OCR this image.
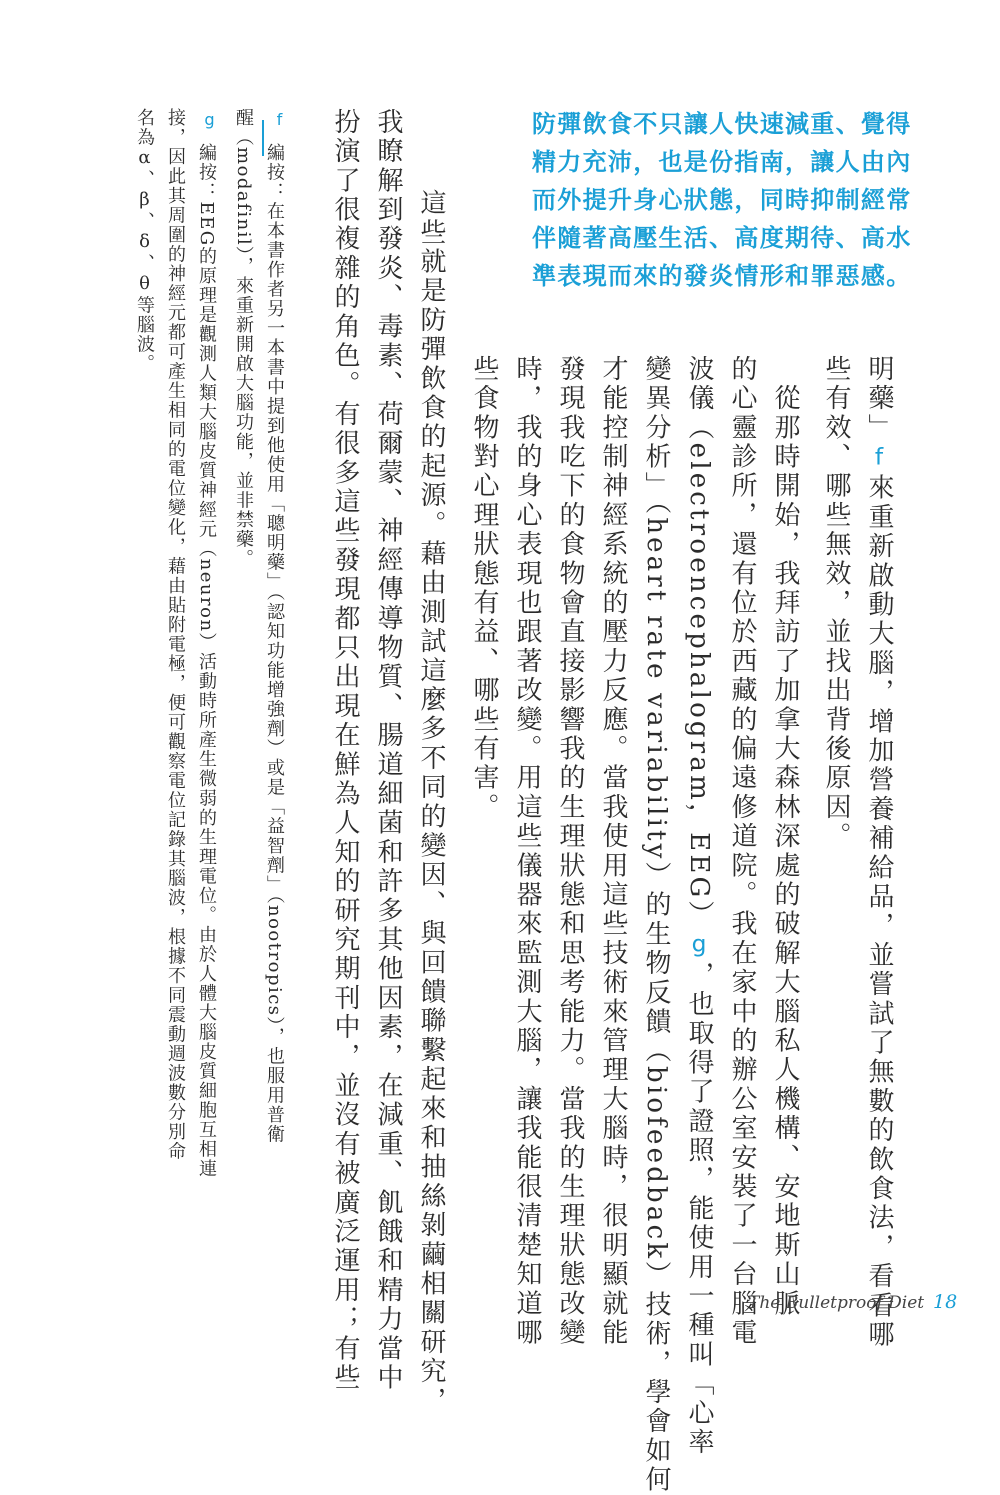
防彈飲食不只讓人快速減重、覺得
精力充沛，也是份指南，讓人由內
而外提升身心狀態，同時抑制經常
伴隨著高壓生活、高度期待、高水
準表現而來的發炎情形和罪惡感。
明藥」f來重新啟動大腦，增加營養補給品，並嘗試了無數的飲食法，看看哪
些有效、哪些無效，並找出背後原因。
　從那時開始，我拜訪了加拿大森林深處的破解大腦私人機構、安地斯山脈
的心靈診所，還有位於西藏的偏遠修道院。我在家中的辦公室安裝了一台腦電
波儀（electroencephalogram，EEG）g，也取得了證照，能使用一種叫「心率
變異分析」（heart rate variability）的生物反饋（biofeedback）技術，學會如何
才能控制神經系統的壓力反應。當我使用這些技術來管理大腦時，很明顯就能
發現我吃下的食物會直接影響我的生理狀態和思考能力。當我的生理狀態改變
時，我的身心表現也跟著改變。用這些儀器來監測大腦，讓我能很清楚知道哪
些食物對心理狀態有益、哪些有害。
　這些就是防彈飲食的起源。藉由測試這麼多不同的變因、與回饋聯繫起來和抽絲剝繭相關研究，
我瞭解到發炎、毒素、荷爾蒙、神經傳導物質、腸道細菌和許多其他因素，在減重、飢餓和精力當中
扮演了很複雜的角色。有很多這些發現都只出現在鮮為人知的研究期刊中，並沒有被廣泛運用；有些
f
編按：在本書作者另一本書中提到他使用「聰明藥」（認知功能增強劑）或是「益智劑」（nootropics），也服用普衛
醒（modafinil），來重新開啟大腦功能，並非禁藥。
g
編按：EEG的原理是觀測人類大腦皮質神經元（neuron）活動時所產生微弱的生理電位。由於人體大腦皮質細胞互相連
接，因此其周圍的神經元都可產生相同的電位變化，藉由貼附電極，便可觀察電位記錄其腦波，根據不同震動週波數分別命
名為α、β、δ、θ等腦波。
The Bulletproof Diet 18
